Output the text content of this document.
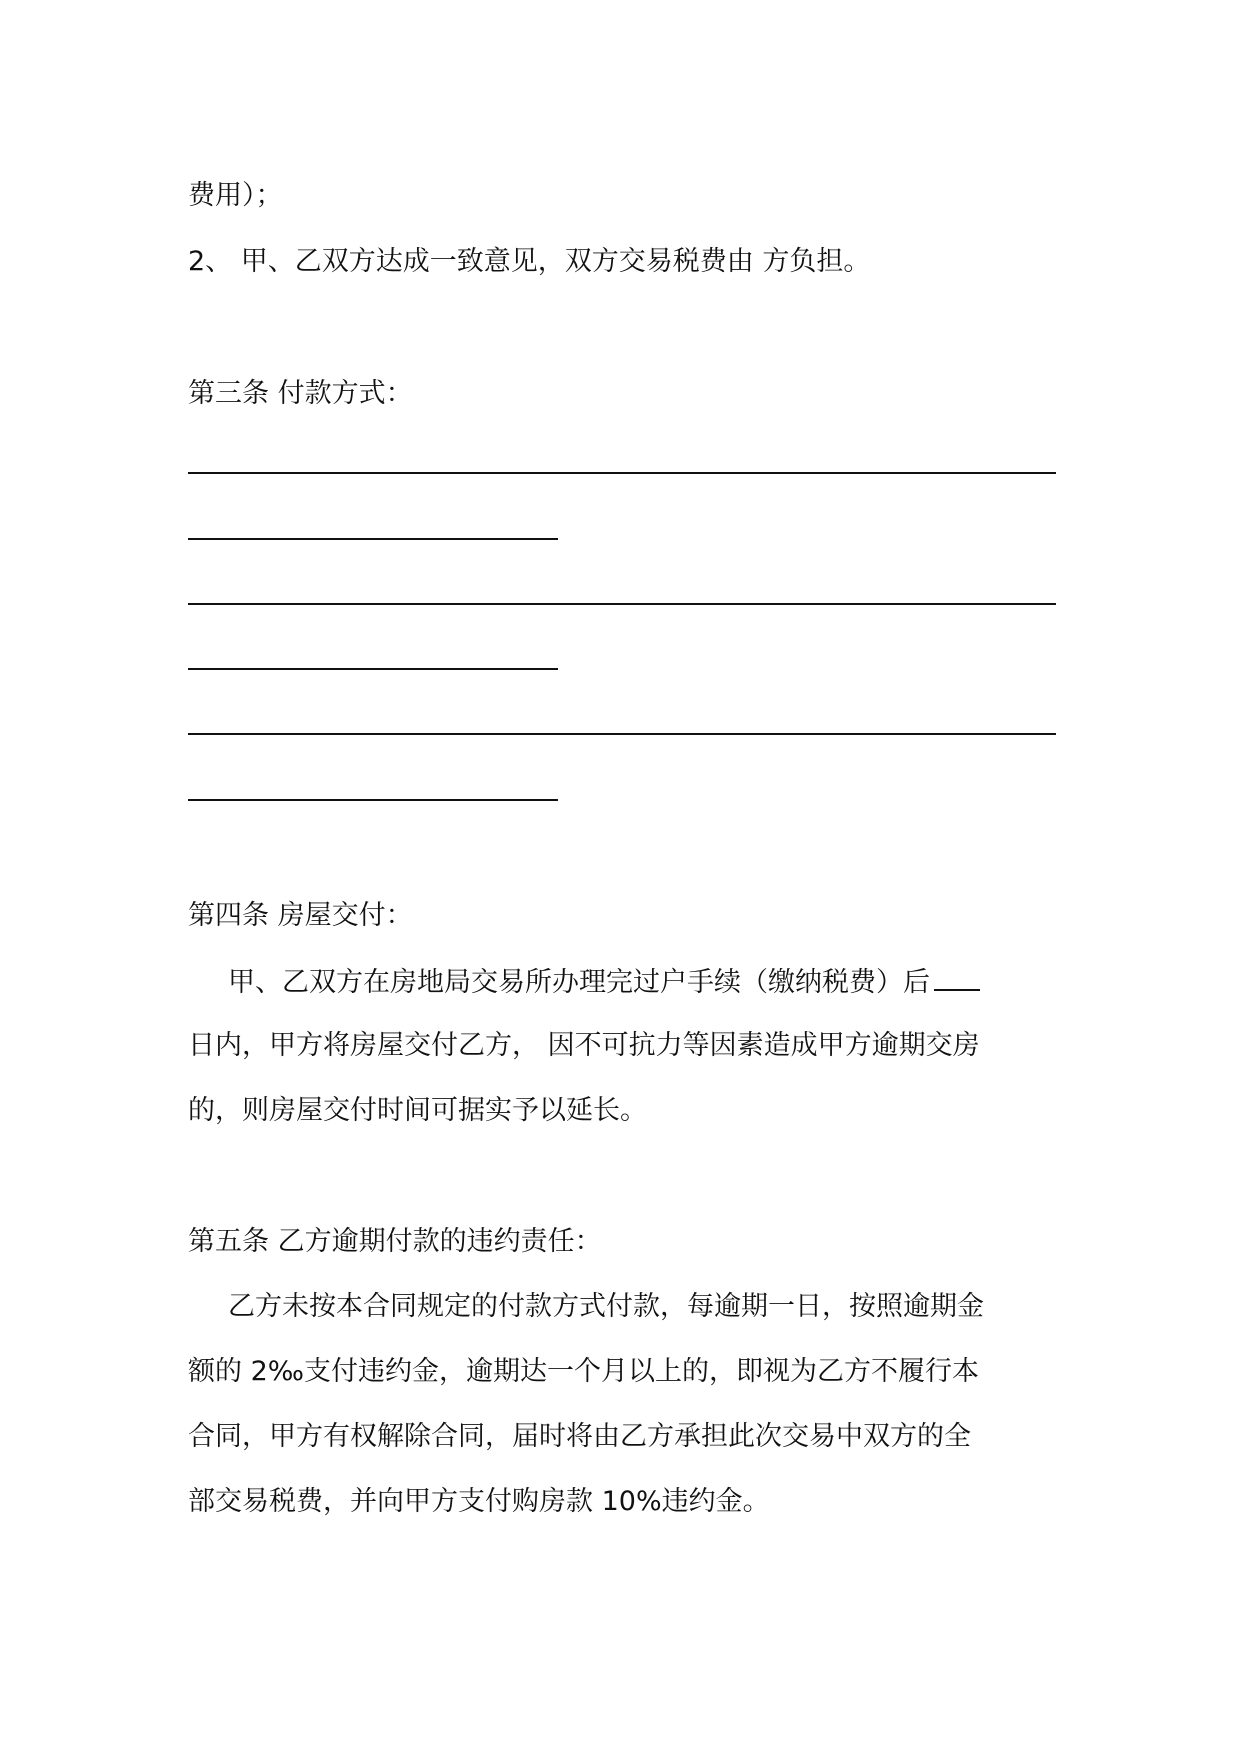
费用）；
2、 甲、乙双方达成一致意见，双方交易税费由 方负担。
第三条 付款方式：
第四条 房屋交付：
甲、乙双方在房地局交易所办理完过户手续（缴纳税费）后
日内，甲方将房屋交付乙方， 因不可抗力等因素造成甲方逾期交房
的，则房屋交付时间可据实予以延长。
第五条 乙方逾期付款的违约责任：
乙方未按本合同规定的付款方式付款，每逾期一日，按照逾期金
额的 2‰支付违约金，逾期达一个月以上的，即视为乙方不履行本
合同，甲方有权解除合同，届时将由乙方承担此次交易中双方的全
部交易税费，并向甲方支付购房款 10%违约金。
